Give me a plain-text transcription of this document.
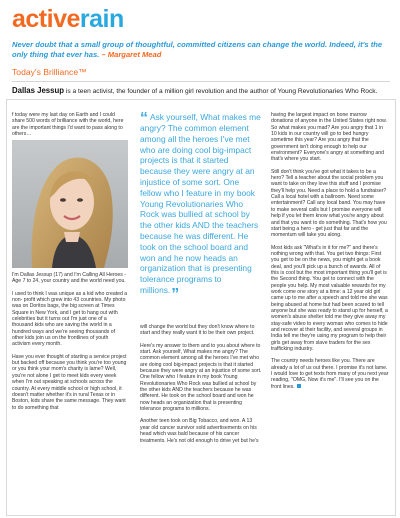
active rain
Never doubt that a small group of thoughtful, committed citizens can change the world. Indeed, it's the only thing that ever has. – Margaret Mead
Today's Brilliance™
Dallas Jessup is a teen activist, the founder of a million girl revolution and the author of Young Revolutionaries Who Rock.

f today were my last day on Earth and I could share 500 words of brilliance with the world, here are the important things I'd want to pass along to others…

I'm Dallas Jessup (17) and I'm Calling All Heroes - Age 7 to 24, your country and the world need you.

I used to think I was unique as a kid who created a non- profit which grew into 43 countries. My photo was on Doritos bags, the big screen at Times Square in New York, and I get to hang out with celebrities but it turns out I'm just one of a thousand kids who are saving the world in a hundred ways and we're seeing thousands of other kids join us on the frontlines of youth activism every month.

Have you ever thought of starting a service project but backed off because you think you're too young or you think your mom's charity is lame? Well, you're not alone I get to meet kids every week when I'm out speaking at schools across the country. At every middle school or high school, it doesn't matter whether it's in rural Texas or in Boston, kids share the same message. They want to do something that

“ Ask yourself, What makes me angry? The common element among all the heroes I've met who are doing cool big-impact projects is that it started because they were angry at an injustice of some sort. One fellow who I feature in my book Young Revolutionaries Who Rock was bullied at school by the other kids AND the teachers because he was different. He took on the school board and won and he now heads an organization that is presenting tolerance programs to millions.”

will change the world but they don't know where to start and they really want it to be their own project.

Here's my answer to them and to you about where to start. Ask yourself, What makes me angry? The common element among all the heroes I've met who are doing cool big-impact projects is that it started because they were angry at an injustice of some sort. One fellow who I feature in my book Young Revolutionaries Who Rock was bullied at school by the other kids AND the teachers because he was different. He took on the school board and won he now heads an organization that is presenting tolerance programs to millions.

Another teen took on Big Tobacco, and won. A 13 year old cancer survivor sold advertisements on his head which was bald because of his cancer treatments. He's not old enough to drive yet but he's

having the largest impact on bone marrow donations of anyone in the United States right now. So what makes you mad? Are you angry that 1 in 10 kids in our country will go to bed hungry sometime this year? Are you angry that the government isn't doing enough to help our environment? Everyone's angry at something and that's where you start.

Still don't think you've got what it takes to be a hero? Tell a teacher about the social problem you want to take on they love this stuff and I promise they'll help you. Need a place to hold a fundraiser? Call a local hotel with a ballroom. Need some entertainment? Call any local band. You may have to make several calls but I promise everyone will help if you let them know what you're angry about and that you want to do something. That's how you start being a hero - get just that far and the momentum will take you along.

Most kids ask "What's in it for me?" and there's nothing wrong with that. You get two things: First you get to be on the news, you might get a book deal, and you'll pick up a bunch of awards. All of this is cool but the most important thing you'll get is the Second thing. You get to connect with the people you help. My most valuable rewards for my work come one story at a time: a 12 year old girl came up to me after a speech and told me she was being abused at home but had been scared to tell anyone but she was ready to stand up for herself, a women's abuse shelter told me they give away my stay-safe video to every woman who comes to hide and recover at their facility, and several groups in India tell me they're using my program to help their girls get away from slave traders for the sex trafficking industry.

The country needs heroes like you. There are already a lot of us out there. I promise it's not lame. I would love to get texts from many of you next year reading, "OMG, Now it's me". I'll see you on the front lines.
